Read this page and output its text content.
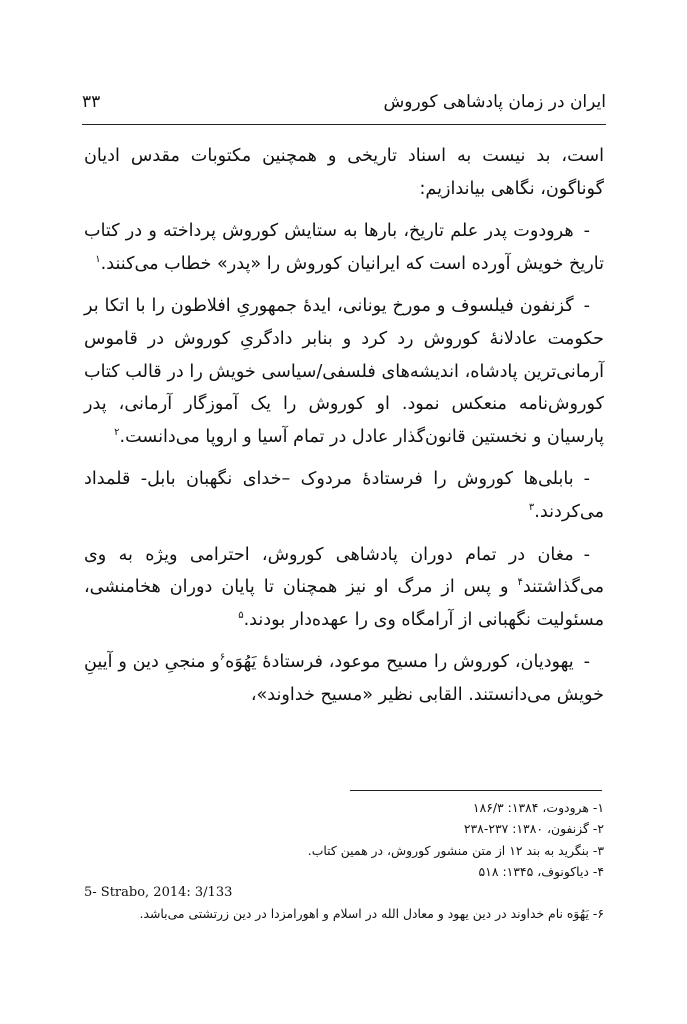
ایران در زمان پادشاهی کوروش
۳۳

است، بد نیست به اسناد تاریخی و همچنین مکتوبات مقدس ادیان گوناگون، نگاهی بیاندازیم:

-هرودوت پدر علم تاریخ، بارها به ستایش کوروش پرداخته و در کتاب تاریخ خویش آورده است که ایرانیان کوروش را «پدر» خطاب می‌کنند.$^۱$

-گزنفون فیلسوف و مورخ یونانی، ایدهٔ جمهوریِ افلاطون را با اتکا بر حکومت عادلانهٔ کوروش رد کرد و بنابر دادگریِ کوروش در قاموس آرمانی‌ترین پادشاه، اندیشه‌های فلسفی/سیاسی خویش را در قالب کتاب کوروش‌نامه منعکس نمود. او کوروش را یک آموزگار آرمانی، پدر پارسیان و نخستین قانون‌گذار عادل در تمام آسیا و اروپا می‌دانست.$^۲$

-بابلی‌ها کوروش را فرستادهٔ مردوک –خدای نگهبان بابل- قلمداد می‌کردند.$^۳$

-مغان در تمام دوران پادشاهی کوروش، احترامی ویژه به وی می‌گذاشتند$^۴$ و پس از مرگ او نیز همچنان تا پایان دوران هخامنشی، مسئولیت نگهبانی از آرامگاه وی را عهده‌دار بودند.$^۵$

-یهودیان، کوروش را مسیح موعود، فرستادهٔ یَهُوَه$^۶$و منجیِ دین و آیینِ خویش می‌دانستند. القابی نظیر «مسیح خداوند»،

۱- هرودوت، ۱۳۸۴: ۱۸۶/۳
۲- گزنفون، ۱۳۸۰: ۲۳۷-۲۳۸
۳- بنگرید به بند ۱۲ از متن منشور کوروش، در همین کتاب.
۴- دیاکونوف، ۱۳۴۵: ۵۱۸
5- Strabo, 2014: 3/133
۶- یَهُوَه نام خداوند در دین یهود و معادل الله در اسلام و اهورامزدا در دین زرتشتی می‌باشد.
